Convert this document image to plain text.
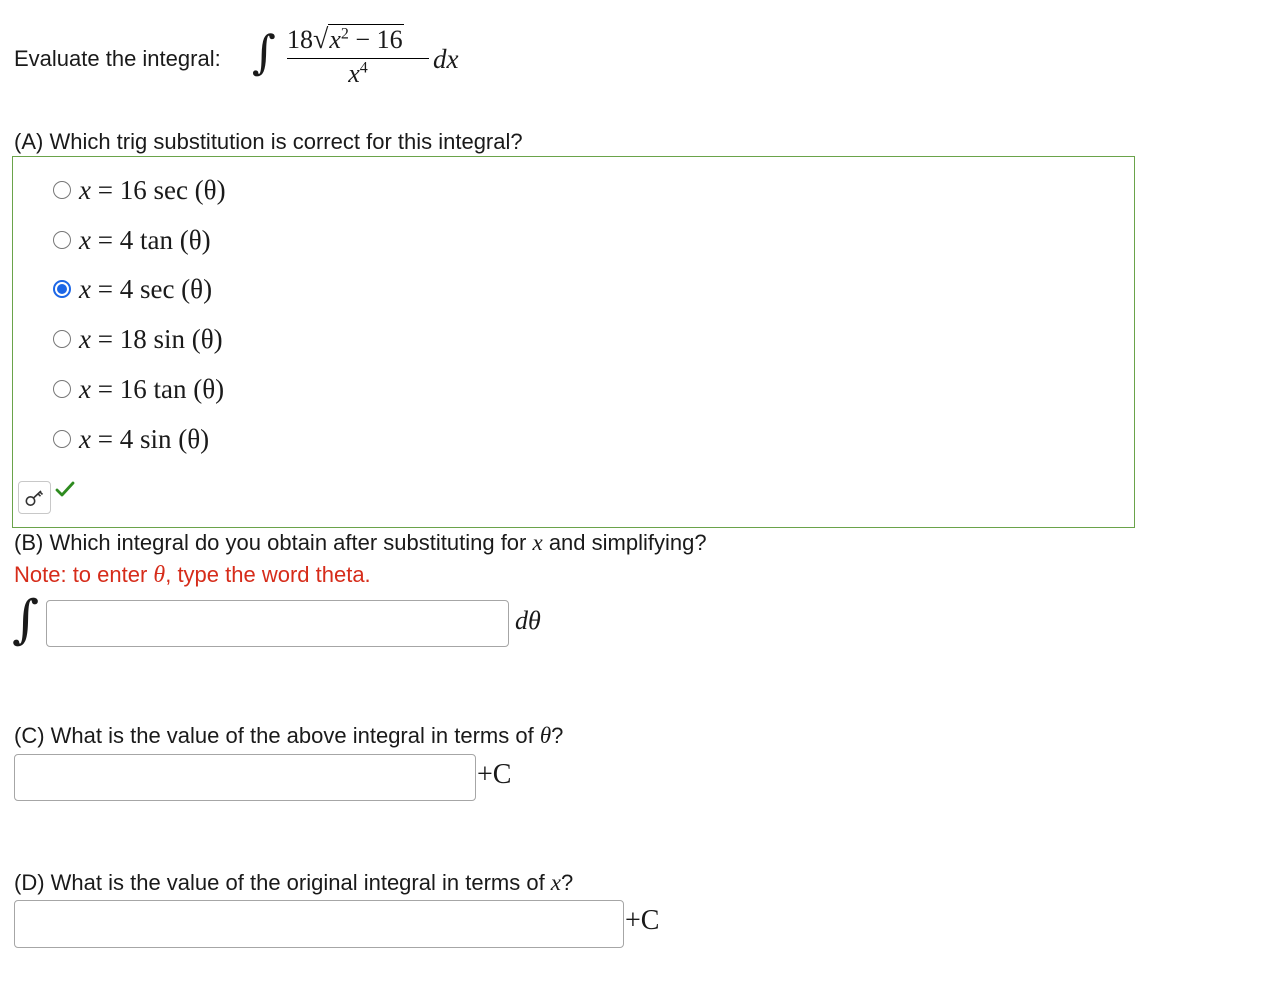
Evaluate the integral: ∫ $18√x^2 - 16$
$x^4$	dx
(A) Which trig substitution is correct for this integral?
x = 16 sec (θ)
x = 4 tan (θ)
x = 4 sec (θ)
x = 18 sin (θ)
x = 16 tan (θ)
x = 4 sin (θ)
(B) Which integral do you obtain after substituting for x and simplifying?
Note: to enter θ, type the word theta.
∫	dθ
(C) What is the value of the above integral in terms of θ?
+C
(D) What is the value of the original integral in terms of x?
+C
